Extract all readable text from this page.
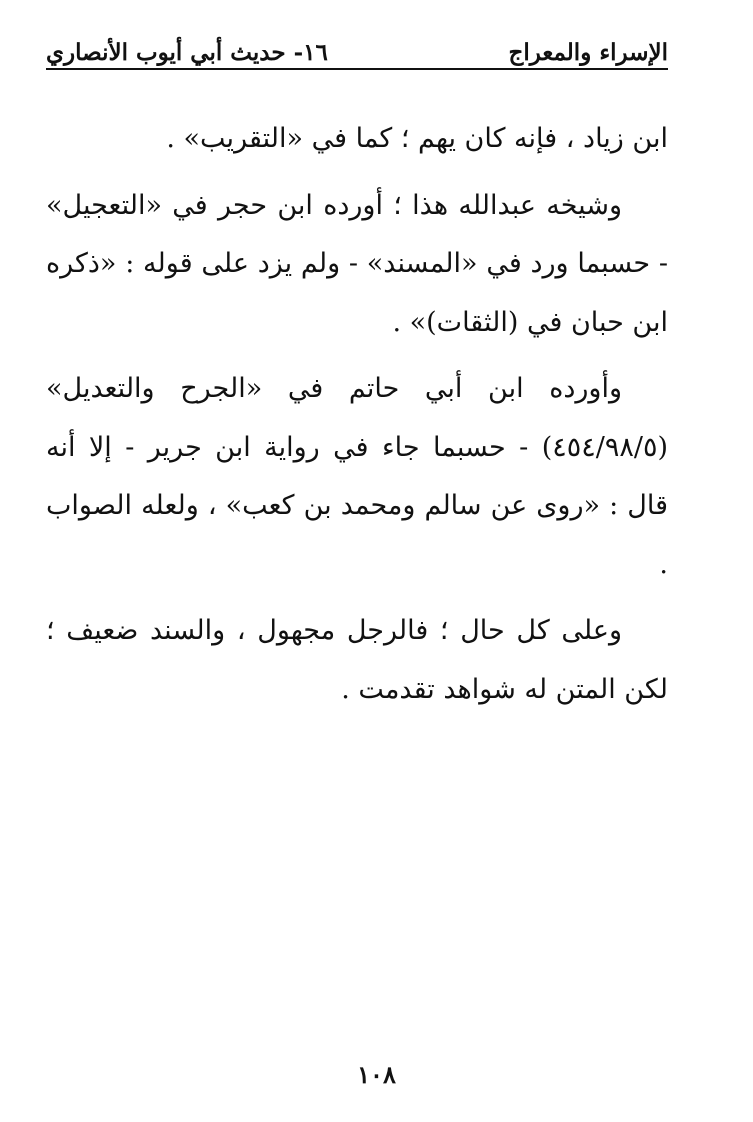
الإسراء والمعراج
١٦- حديث أبي أيوب الأنصاري

ابن زياد ، فإنه كان يهم ؛ كما في «التقريب» .

وشيخه عبدالله هذا ؛ أورده ابن حجر في «التعجيل» - حسبما ورد في «المسند» - ولم يزد على قوله : «ذكره ابن حبان في (الثقات)» .

وأورده ابن أبي حاتم في «الجرح والتعديل» (٤٥٤/٩٨/٥) - حسبما جاء في رواية ابن جرير - إلا أنه قال : «روى عن سالم ومحمد بن كعب» ، ولعله الصواب .

وعلى كل حال ؛ فالرجل مجهول ، والسند ضعيف ؛ لكن المتن له شواهد تقدمت .

١٠٨
